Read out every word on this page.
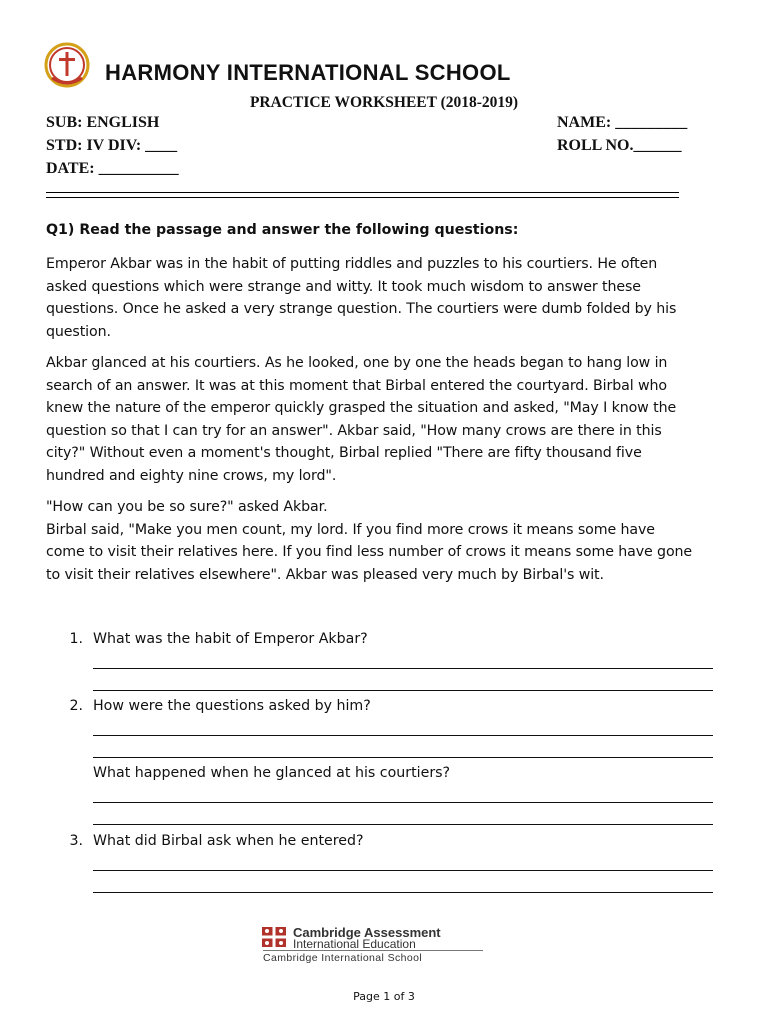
HARMONY INTERNATIONAL SCHOOL
PRACTICE WORKSHEET (2018-2019)
SUB: ENGLISH
STD: IV DIV: ____
DATE: __________
NAME: _________
ROLL NO.______
Q1) Read the passage and answer the following questions:
Emperor Akbar was in the habit of putting riddles and puzzles to his courtiers. He often
asked questions which were strange and witty. It took much wisdom to answer these
questions. Once he asked a very strange question. The courtiers were dumb folded by his
question.
Akbar glanced at his courtiers. As he looked, one by one the heads began to hang low in
search of an answer. It was at this moment that Birbal entered the courtyard. Birbal who
knew the nature of the emperor quickly grasped the situation and asked, "May I know the
question so that I can try for an answer". Akbar said, "How many crows are there in this
city?" Without even a moment's thought, Birbal replied "There are fifty thousand five
hundred and eighty nine crows, my lord".
"How can you be so sure?" asked Akbar.
Birbal said, "Make you men count, my lord. If you find more crows it means some have
come to visit their relatives here. If you find less number of crows it means some have gone
to visit their relatives elsewhere". Akbar was pleased very much by Birbal's wit.
1. What was the habit of Emperor Akbar?
2. How were the questions asked by him?
What happened when he glanced at his courtiers?
3. What did Birbal ask when he entered?
Cambridge Assessment
International Education
Cambridge International School
Page 1 of 3
